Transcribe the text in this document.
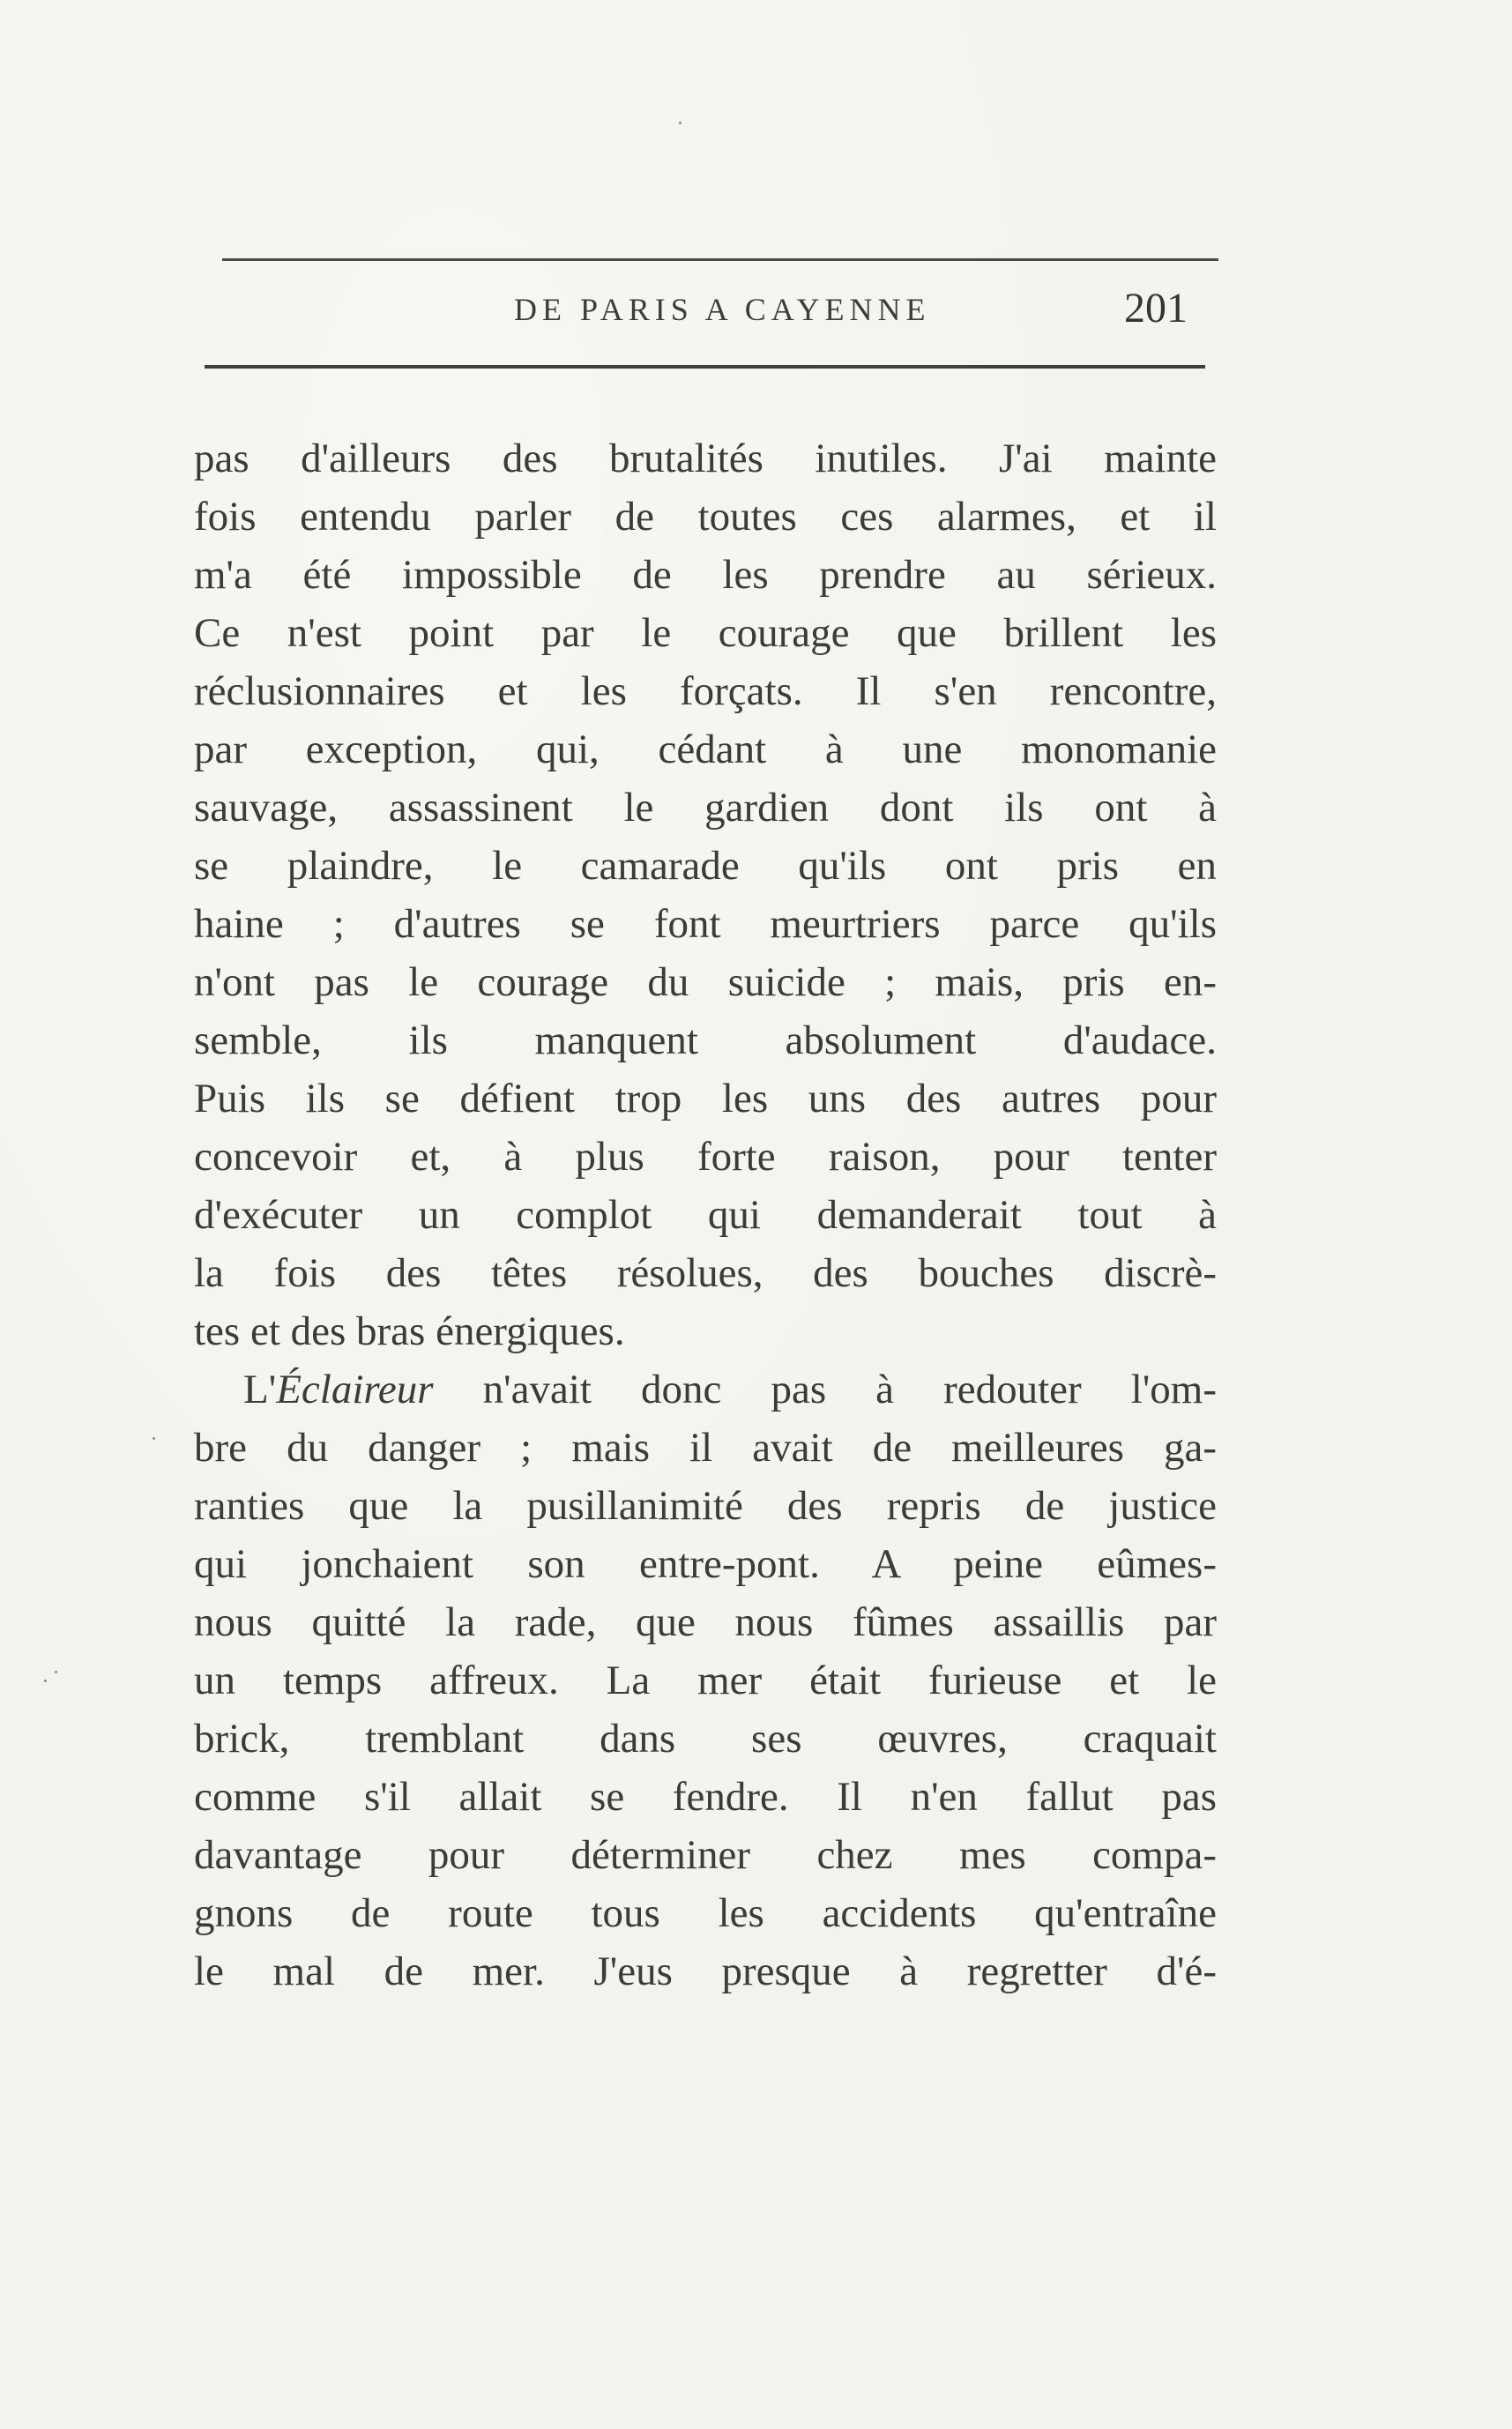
DE PARIS A CAYENNE	201
pas d'ailleurs des brutalités inutiles. J'ai mainte
fois entendu parler de toutes ces alarmes, et il
m'a été impossible de les prendre au sérieux.
Ce n'est point par le courage que brillent les
réclusionnaires et les forçats. Il s'en rencontre,
par exception, qui, cédant à une monomanie
sauvage, assassinent le gardien dont ils ont à
se plaindre, le camarade qu'ils ont pris en
haine ; d'autres se font meurtriers parce qu'ils
n'ont pas le courage du suicide ; mais, pris en-
semble, ils manquent absolument d'audace.
Puis ils se défient trop les uns des autres pour
concevoir et, à plus forte raison, pour tenter
d'exécuter un complot qui demanderait tout à
la fois des têtes résolues, des bouches discrè-
tes et des bras énergiques.
L'Éclaireur n'avait donc pas à redouter l'om-
bre du danger ; mais il avait de meilleures ga-
ranties que la pusillanimité des repris de justice
qui jonchaient son entre-pont. A peine eûmes-
nous quitté la rade, que nous fûmes assaillis par
un temps affreux. La mer était furieuse et le
brick, tremblant dans ses œuvres, craquait
comme s'il allait se fendre. Il n'en fallut pas
davantage pour déterminer chez mes compa-
gnons de route tous les accidents qu'entraîne
le mal de mer. J'eus presque à regretter d'é-
